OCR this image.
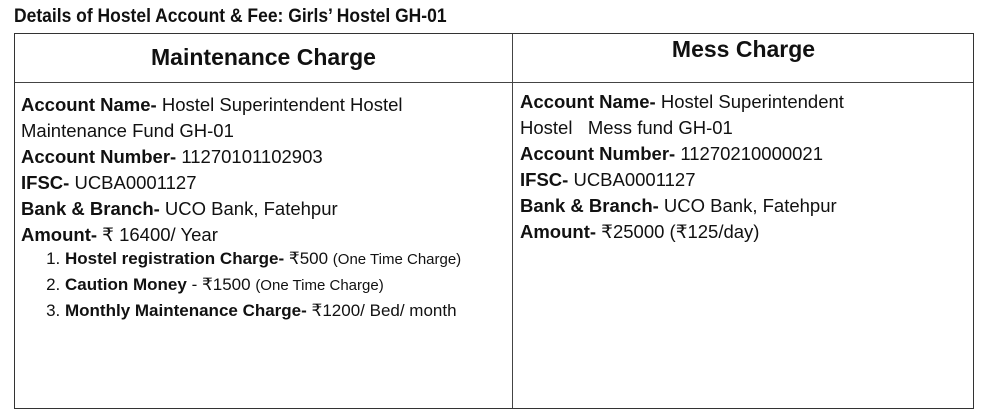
Details of Hostel Account & Fee: Girls’ Hostel GH-01
Maintenance Charge	Mess Charge
Account Name- Hostel Superintendent Hostel
Maintenance Fund GH-01
Account Number- 11270101102903
IFSC- UCBA0001127
Bank & Branch- UCO Bank, Fatehpur
Amount- ₹ 16400/ Year
1. Hostel registration Charge- ₹500 (One Time Charge)
2. Caution Money - ₹1500 (One Time Charge)
3. Monthly Maintenance Charge- ₹1200/ Bed/ month
Account Name- Hostel Superintendent
Hostel   Mess fund GH-01
Account Number- 11270210000021
IFSC- UCBA0001127
Bank & Branch- UCO Bank, Fatehpur
Amount- ₹25000 (₹125/day)
